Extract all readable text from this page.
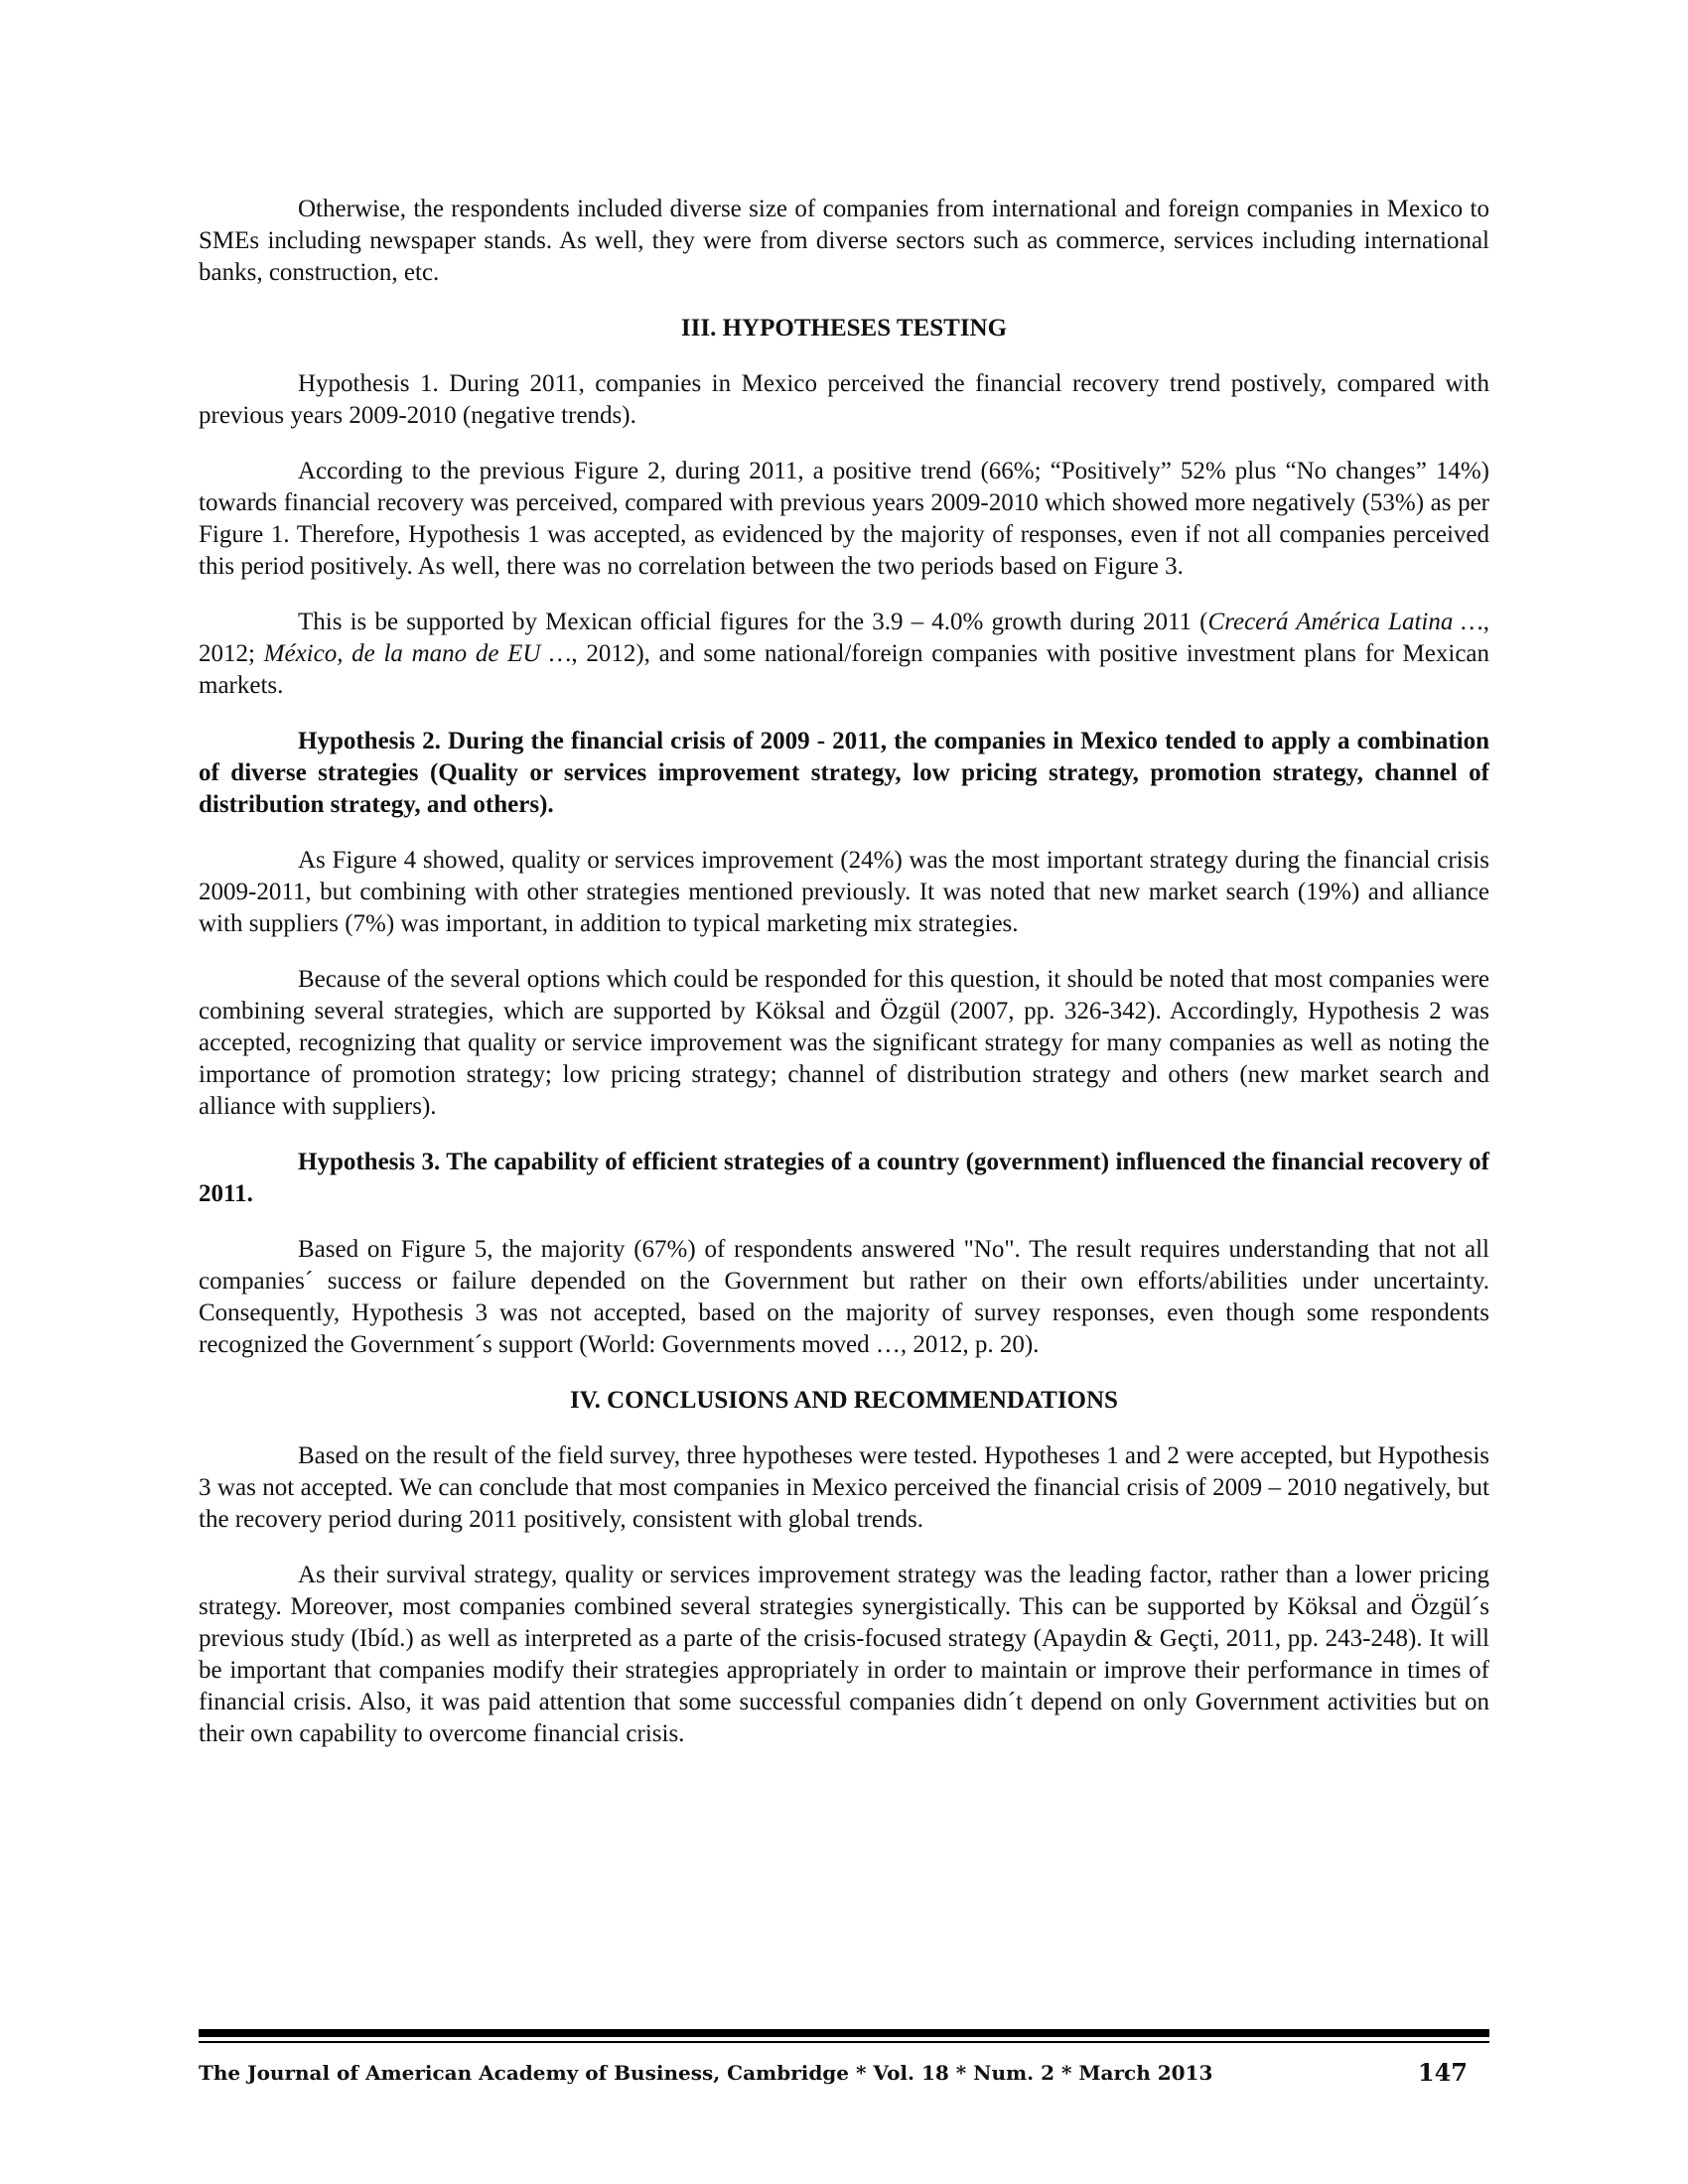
Otherwise, the respondents included diverse size of companies from international and foreign companies in Mexico to SMEs including newspaper stands. As well, they were from diverse sectors such as commerce, services including international banks, construction, etc.

III. HYPOTHESES TESTING

Hypothesis 1. During 2011, companies in Mexico perceived the financial recovery trend postively, compared with previous years 2009-2010 (negative trends).

According to the previous Figure 2, during 2011, a positive trend (66%; “Positively” 52% plus “No changes” 14%) towards financial recovery was perceived, compared with previous years 2009-2010 which showed more negatively (53%) as per Figure 1. Therefore, Hypothesis 1 was accepted, as evidenced by the majority of responses, even if not all companies perceived this period positively. As well, there was no correlation between the two periods based on Figure 3.

This is be supported by Mexican official figures for the 3.9 – 4.0% growth during 2011 (Crecerá América Latina …, 2012; México, de la mano de EU …, 2012), and some national/foreign companies with positive investment plans for Mexican markets.

Hypothesis 2. During the financial crisis of 2009 - 2011, the companies in Mexico tended to apply a combination of diverse strategies (Quality or services improvement strategy, low pricing strategy, promotion strategy, channel of distribution strategy, and others).

As Figure 4 showed, quality or services improvement (24%) was the most important strategy during the financial crisis 2009-2011, but combining with other strategies mentioned previously. It was noted that new market search (19%) and alliance with suppliers (7%) was important, in addition to typical marketing mix strategies.

Because of the several options which could be responded for this question, it should be noted that most companies were combining several strategies, which are supported by Köksal and Özgül (2007, pp. 326-342). Accordingly, Hypothesis 2 was accepted, recognizing that quality or service improvement was the significant strategy for many companies as well as noting the importance of promotion strategy; low pricing strategy; channel of distribution strategy and others (new market search and alliance with suppliers).

Hypothesis 3. The capability of efficient strategies of a country (government) influenced the financial recovery of 2011.

Based on Figure 5, the majority (67%) of respondents answered "No". The result requires understanding that not all companies´ success or failure depended on the Government but rather on their own efforts/abilities under uncertainty. Consequently, Hypothesis 3 was not accepted, based on the majority of survey responses, even though some respondents recognized the Government´s support (World: Governments moved …, 2012, p. 20).

IV. CONCLUSIONS AND RECOMMENDATIONS

Based on the result of the field survey, three hypotheses were tested. Hypotheses 1 and 2 were accepted, but Hypothesis 3 was not accepted. We can conclude that most companies in Mexico perceived the financial crisis of 2009 – 2010 negatively, but the recovery period during 2011 positively, consistent with global trends.

As their survival strategy, quality or services improvement strategy was the leading factor, rather than a lower pricing strategy. Moreover, most companies combined several strategies synergistically. This can be supported by Köksal and Özgül´s previous study (Ibíd.) as well as interpreted as a parte of the crisis-focused strategy (Apaydin & Geçti, 2011, pp. 243-248). It will be important that companies modify their strategies appropriately in order to maintain or improve their performance in times of financial crisis. Also, it was paid attention that some successful companies didn´t depend on only Government activities but on their own capability to overcome financial crisis.

The Journal of American Academy of Business, Cambridge * Vol. 18 * Num. 2 * March 2013	147
